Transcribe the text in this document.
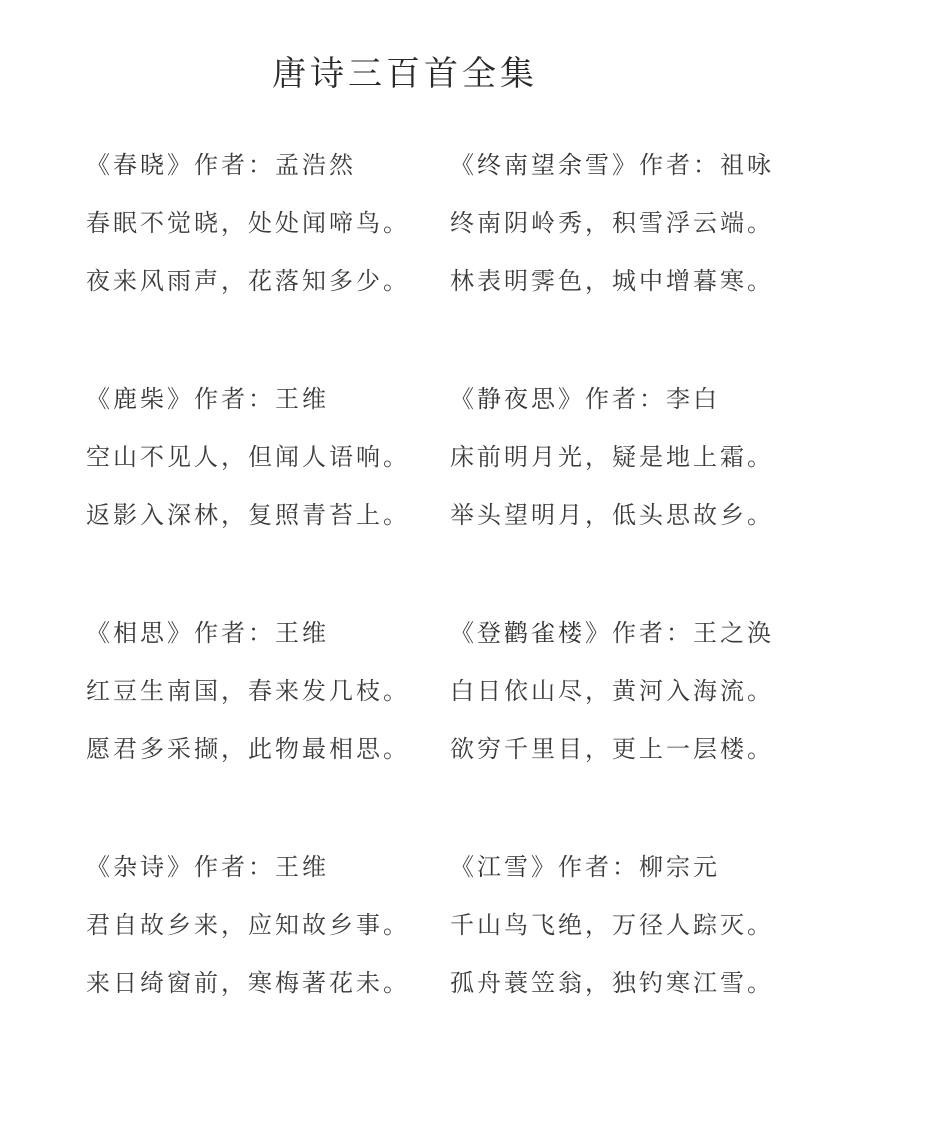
唐诗三百首全集
《春晓》作者：孟浩然
春眠不觉晓，处处闻啼鸟。
夜来风雨声，花落知多少。
《终南望余雪》作者：祖咏
终南阴岭秀，积雪浮云端。
林表明霁色，城中增暮寒。
《鹿柴》作者：王维
空山不见人，但闻人语响。
返影入深林，复照青苔上。
《静夜思》作者：李白
床前明月光，疑是地上霜。
举头望明月，低头思故乡。
《相思》作者：王维
红豆生南国，春来发几枝。
愿君多采撷，此物最相思。
《登鹳雀楼》作者：王之涣
白日依山尽，黄河入海流。
欲穷千里目，更上一层楼。
《杂诗》作者：王维
君自故乡来，应知故乡事。
来日绮窗前，寒梅著花未。
《江雪》作者：柳宗元
千山鸟飞绝，万径人踪灭。
孤舟蓑笠翁，独钓寒江雪。
